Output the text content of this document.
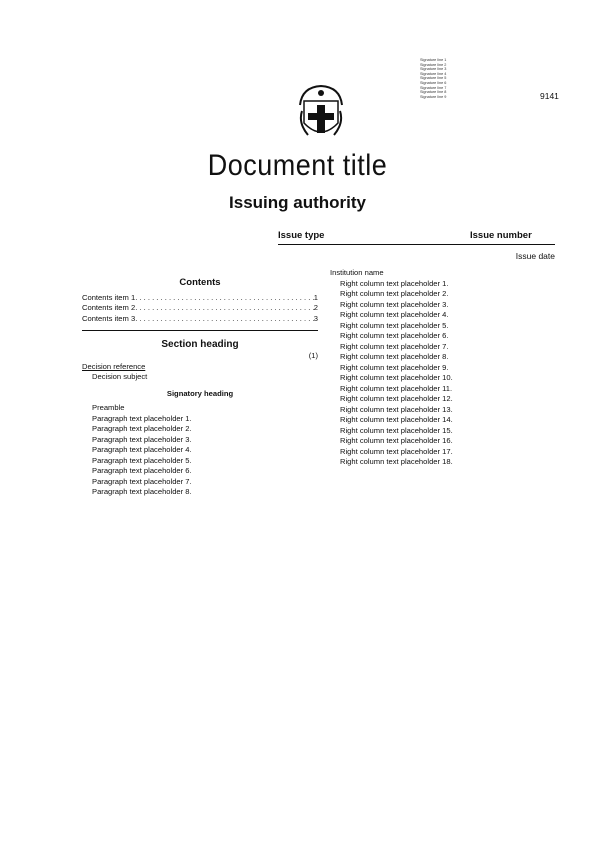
9141
Signature line 1
Signature line 2
Signature line 3
Signature line 4
Signature line 5
Signature line 6
Signature line 7
Signature line 8
Signature line 9
Document title
Issuing authority
Issue type	Issue number
Issue date
Contents
Contents item 1 . . .	1
Contents item 2 . . .	2
Contents item 3 . . .	3

Section heading

(1)

Decision reference

Decision subject

Signatory heading

Preamble

Paragraph text placeholder 1.

Paragraph text placeholder 2.

Paragraph text placeholder 3.

Paragraph text placeholder 4.

Paragraph text placeholder 5.

Paragraph text placeholder 6.

Paragraph text placeholder 7.

Paragraph text placeholder 8.

Institution name

Right column text placeholder 1.

Right column text placeholder 2.

Right column text placeholder 3.

Right column text placeholder 4.

Right column text placeholder 5.

Right column text placeholder 6.

Right column text placeholder 7.

Right column text placeholder 8.

Right column text placeholder 9.

Right column text placeholder 10.

Right column text placeholder 11.

Right column text placeholder 12.

Right column text placeholder 13.

Right column text placeholder 14.

Right column text placeholder 15.

Right column text placeholder 16.

Right column text placeholder 17.

Right column text placeholder 18.
